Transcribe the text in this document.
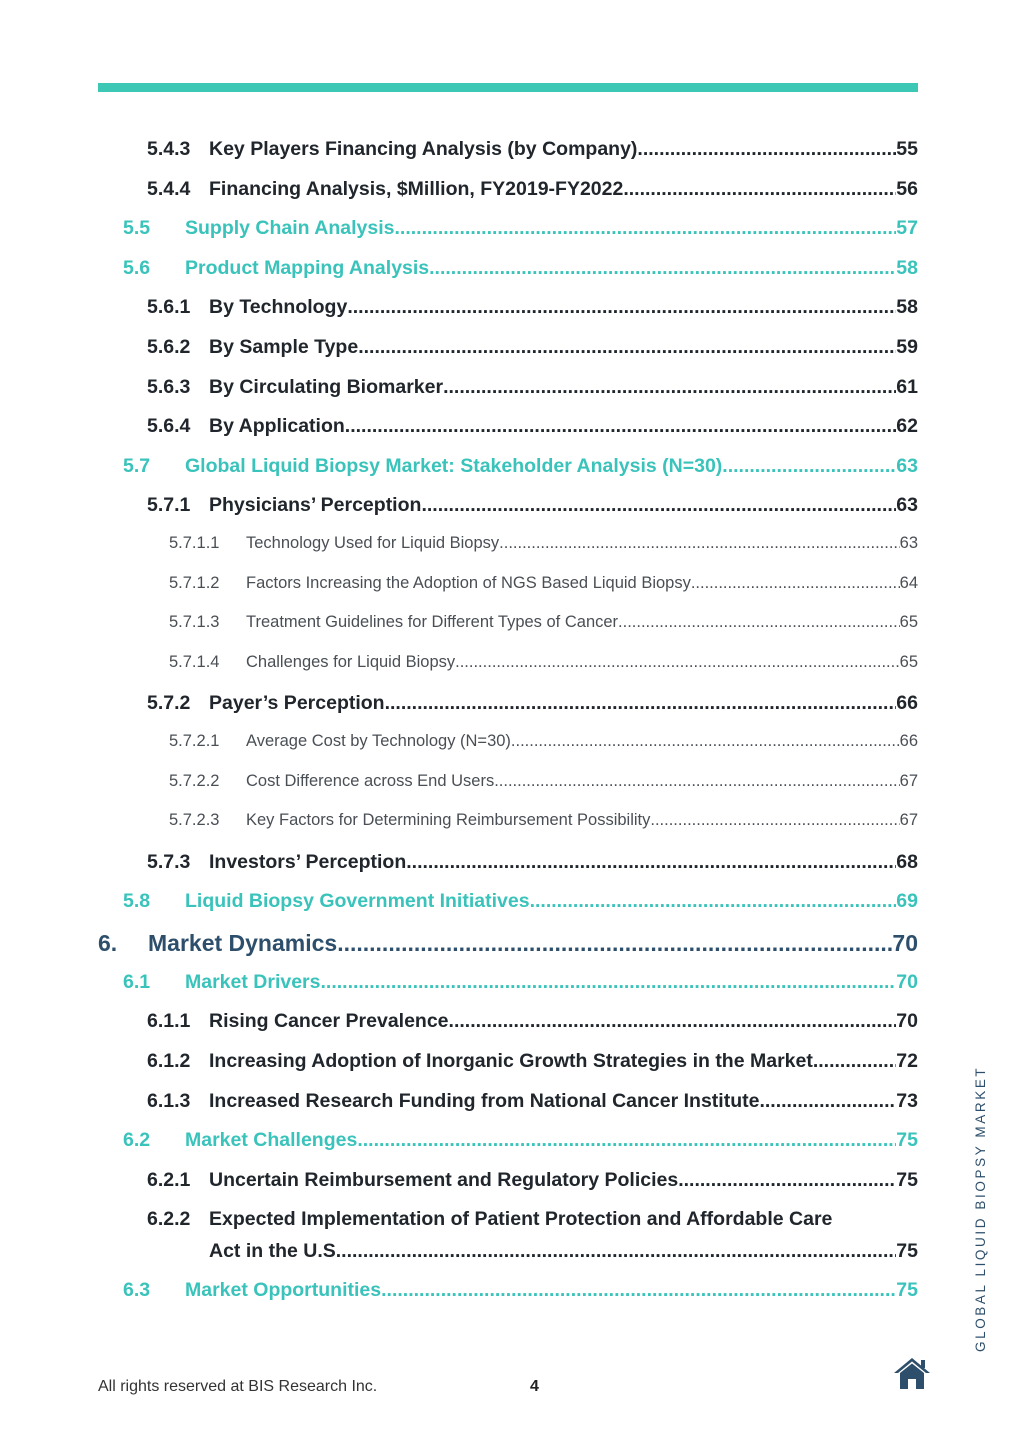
5.4.3 Key Players Financing Analysis (by Company) .....	55
5.4.4 Financing Analysis, $Million, FY2019-FY2022 .....	56
5.5	Supply Chain Analysis .....	57
5.6	Product Mapping Analysis .....	58
5.6.1 By Technology .....	58
5.6.2 By Sample Type .....	59
5.6.3 By Circulating Biomarker .....	61
5.6.4 By Application .....	62
5.7	Global Liquid Biopsy Market: Stakeholder Analysis (N=30) .....	63
5.7.1 Physicians’ Perception .....	63
5.7.1.1	Technology Used for Liquid Biopsy .....	63
5.7.1.2	Factors Increasing the Adoption of NGS Based Liquid Biopsy .....	64
5.7.1.3	Treatment Guidelines for Different Types of Cancer .....	65
5.7.1.4	Challenges for Liquid Biopsy .....	65
5.7.2 Payer’s Perception .....	66
5.7.2.1	Average Cost by Technology (N=30) .....	66
5.7.2.2	Cost Difference across End Users .....	67
5.7.2.3	Key Factors for Determining Reimbursement Possibility .....	67
5.7.3 Investors’ Perception .....	68
5.8	Liquid Biopsy Government Initiatives .....	69
6.	Market Dynamics .....	70
6.1	Market Drivers .....	70
6.1.1 Rising Cancer Prevalence .....	70
6.1.2 Increasing Adoption of Inorganic Growth Strategies in the Market .....	72
6.1.3 Increased Research Funding from National Cancer Institute .....	73
6.2	Market Challenges .....	75
6.2.1 Uncertain Reimbursement and Regulatory Policies .....	75
6.2.2 Expected Implementation of Patient Protection and Affordable Care
Act in the U.S .....	75
6.3	Market Opportunities .....	75	GLOBAL LIQUID BIOPSY MARKET
All rights reserved at BIS Research Inc.	4
